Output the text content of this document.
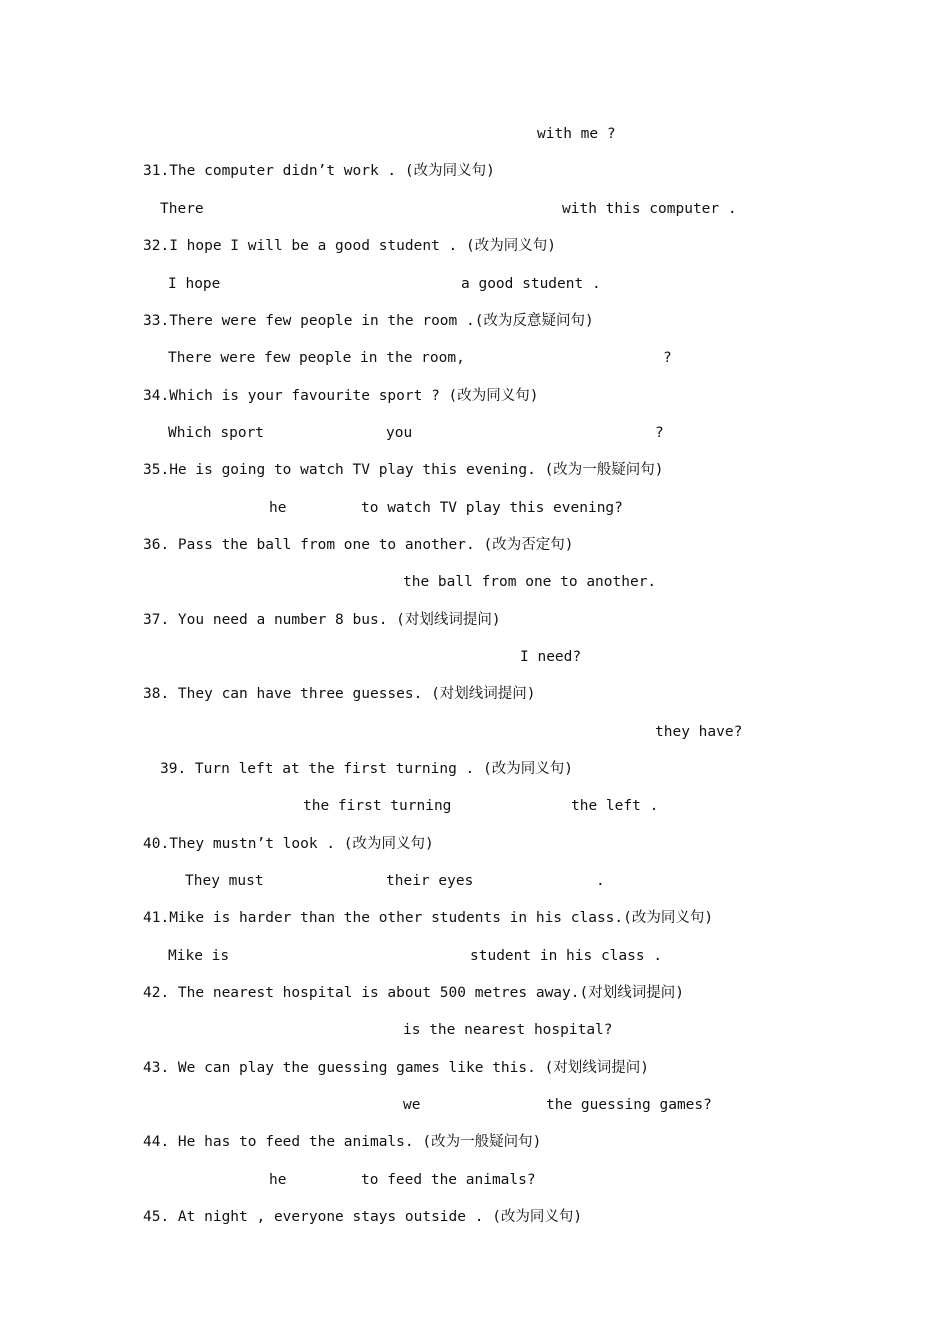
with me ?
31.The computer didn’t work . (改为同义句)

There

	with this computer .

32.I hope I will be a good student . (改为同义句)

I hope

	a good student .

33.There were few people in the room .(改为反意疑问句)

There were few people in the room,

	?

34.Which is your favourite sport ? (改为同义句)

Which sport

	you

	?

35.He is going to watch TV play this evening. (改为一般疑问句)

he

	to watch TV play this evening?

36. Pass the ball from one to another. (改为否定句)
the ball from one to another.
37. You need a number 8 bus. (对划线词提问)
I need?
38. They can have three guesses. (对划线词提问)
they have?
39. Turn left at the first turning . (改为同义句)

the first turning

	the left .

40.They mustn’t look . (改为同义句)

They must

	their eyes

	.

41.Mike is harder than the other students in his class.(改为同义句)

Mike is

	student in his class .

42. The nearest hospital is about 500 metres away.(对划线词提问)
is the nearest hospital?
43. We can play the guessing games like this. (对划线词提问)

we

	the guessing games?

44. He has to feed the animals. (改为一般疑问句)

he

	to feed the animals?

45. At night , everyone stays outside . (改为同义句)
